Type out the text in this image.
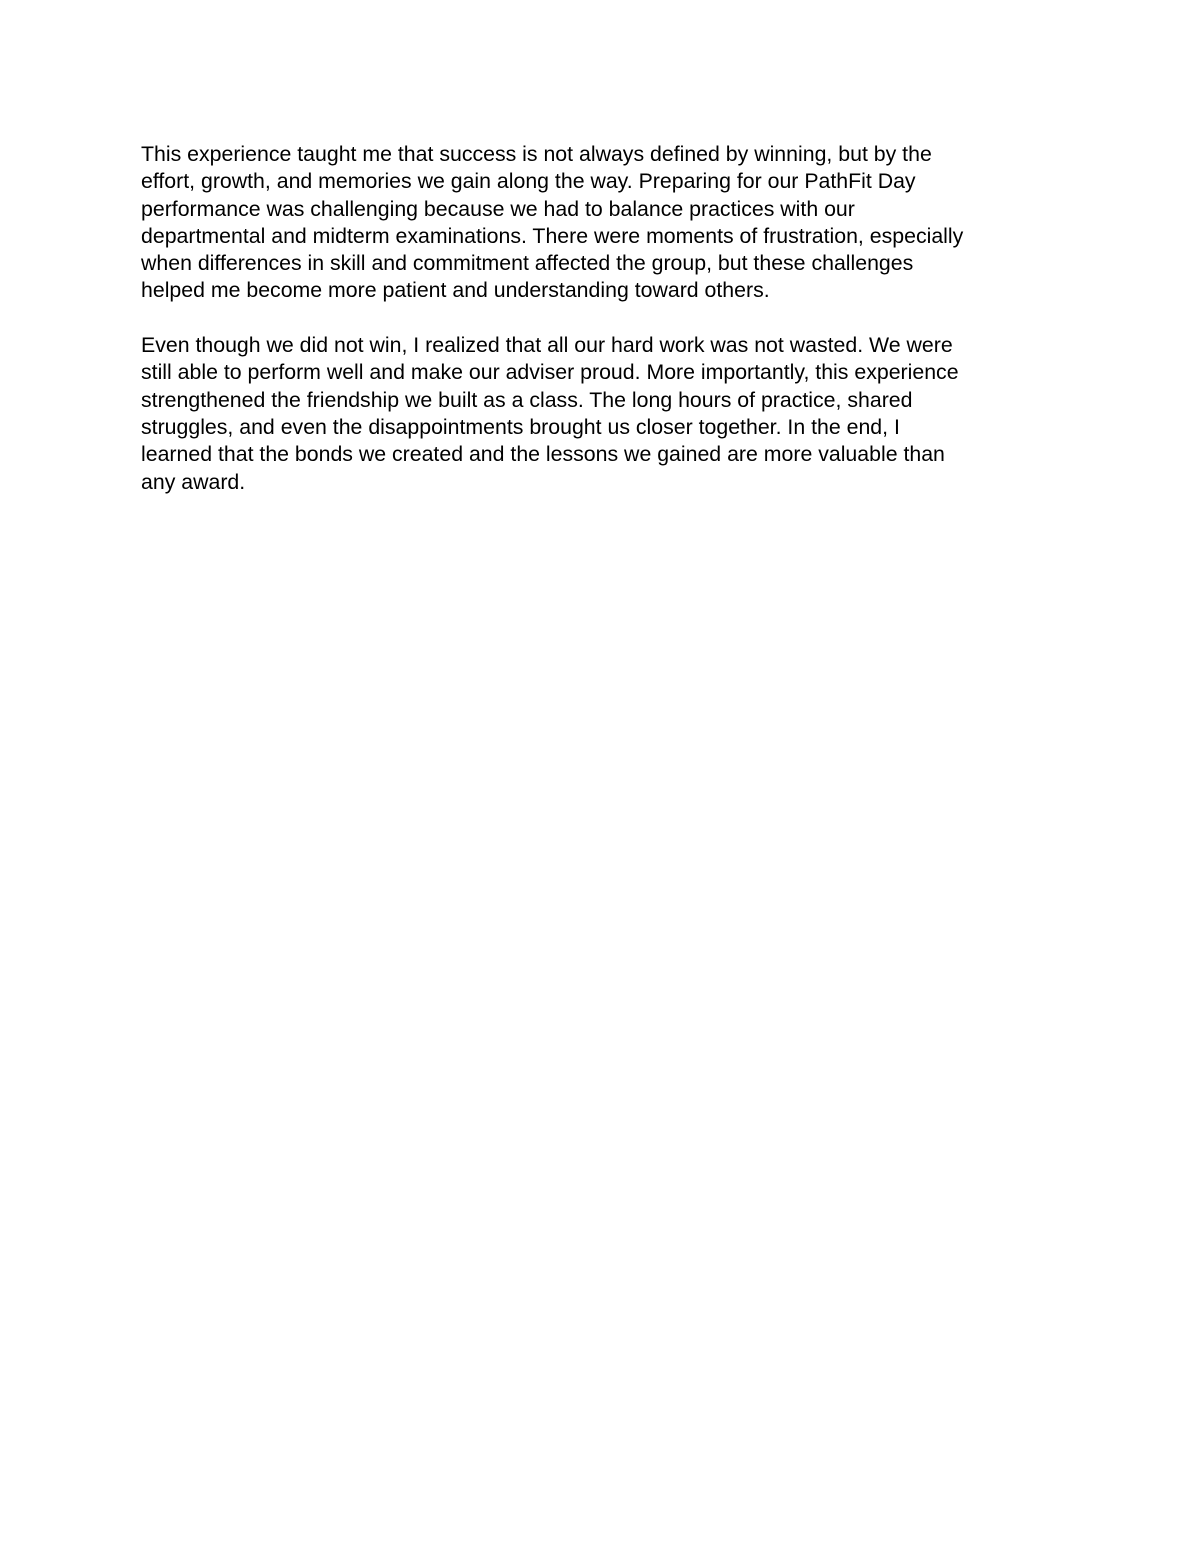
This experience taught me that success is not always defined by winning, but by the
effort, growth, and memories we gain along the way. Preparing for our PathFit Day
performance was challenging because we had to balance practices with our
departmental and midterm examinations. There were moments of frustration, especially
when differences in skill and commitment affected the group, but these challenges
helped me become more patient and understanding toward others.

Even though we did not win, I realized that all our hard work was not wasted. We were
still able to perform well and make our adviser proud. More importantly, this experience
strengthened the friendship we built as a class. The long hours of practice, shared
struggles, and even the disappointments brought us closer together. In the end, I
learned that the bonds we created and the lessons we gained are more valuable than
any award.
